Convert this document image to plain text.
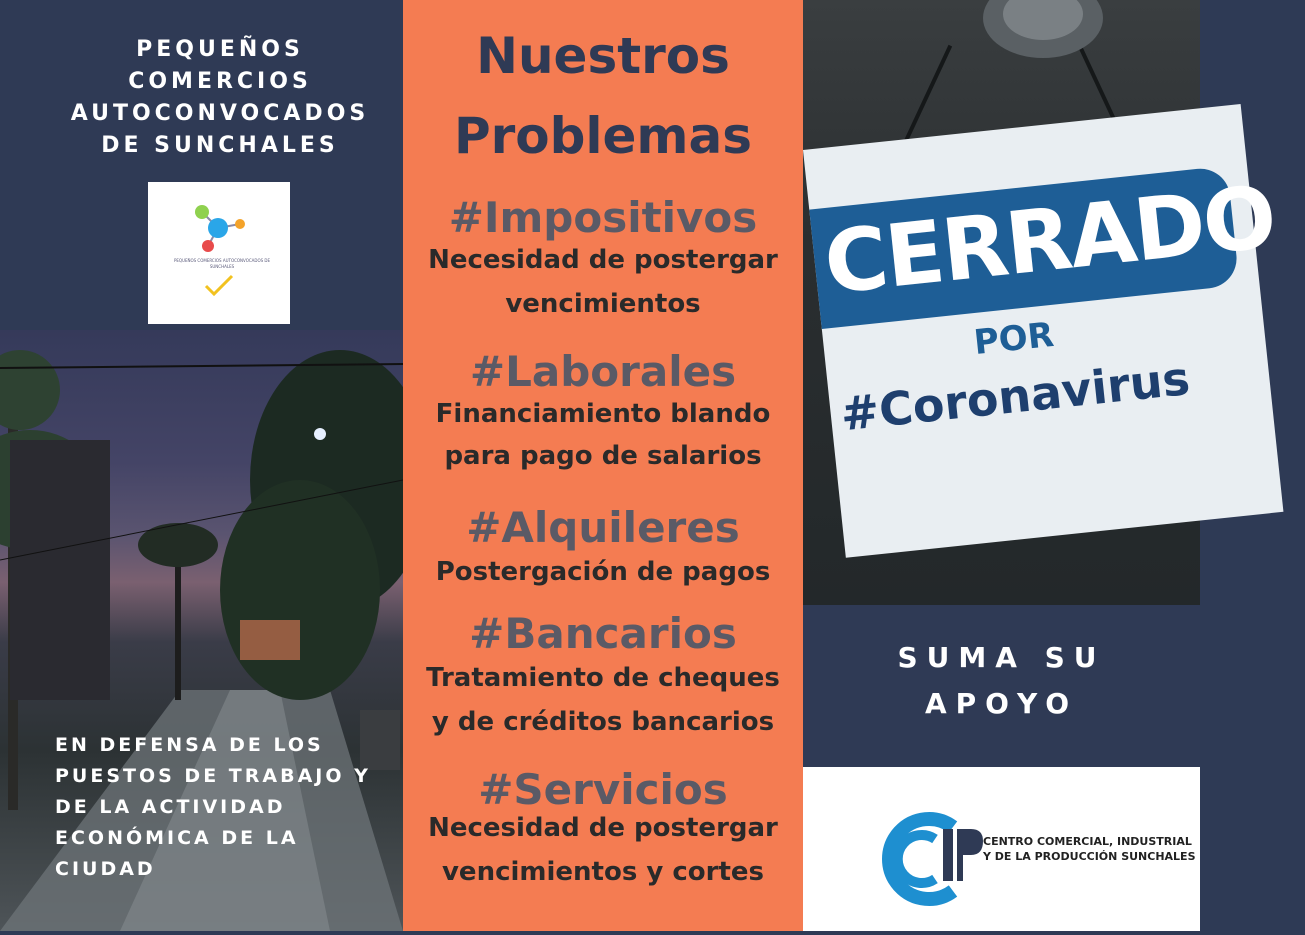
PEQUEÑOS
COMERCIOS
AUTOCONVOCADOS
DE SUNCHALES
PEQUEÑOS COMERCIOS AUTOCONVOCADOS DE SUNCHALES
EN DEFENSA DE LOS PUESTOS DE TRABAJO Y DE LA ACTIVIDAD ECONÓMICA DE LA CIUDAD
Nuestros
Problemas
#Impositivos
Necesidad de postergar
vencimientos
#Laborales
Financiamiento blando
para pago de salarios
#Alquileres
Postergación de pagos
#Bancarios
Tratamiento de cheques
y de créditos bancarios
#Servicios
Necesidad de postergar
vencimientos y cortes
CERRADO
POR
#Coronavirus
SUMA SU
APOYO
CENTRO COMERCIAL, INDUSTRIAL
Y DE LA PRODUCCIÓN SUNCHALES
